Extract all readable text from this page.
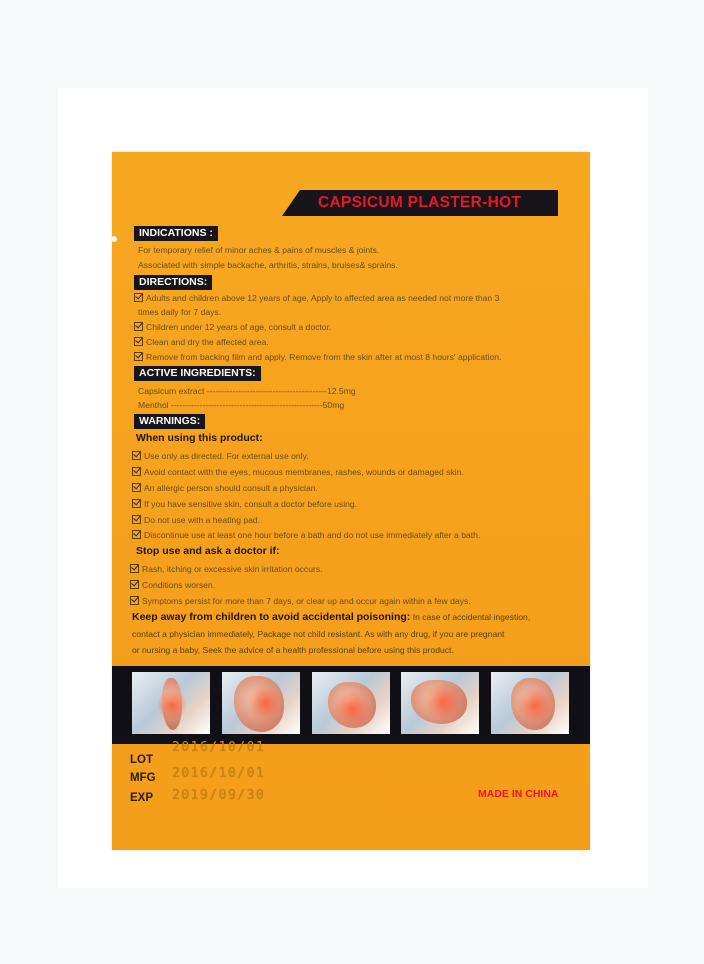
CAPSICUM PLASTER-HOT
INDICATIONS :
For temporary relief of minor aches & pains of muscles & joints.
Associated with simple backache, arthritis, strains, bruises& sprains.
DIRECTIONS:
Adults and children above 12 years of age, Apply to affected area as needed not more than 3
times daily for 7 days.
Children under 12 years of age, consult a doctor.
Clean and dry the affected area.
Remove from backing film and apply. Remove from the skin after at most 8 hours' application.
ACTIVE INGREDIENTS:
Capsicum extract ------------------------------------------12.5mg
Menthol -----------------------------------------------------50mg
WARNINGS:
When using this product:
Use only as directed. For external use only.
Avoid contact with the eyes, mucous membranes, rashes, wounds or damaged skin.
An allergic person should consult a physician.
If you have sensitive skin, consult a doctor before using.
Do not use with a heating pad.
Discontinue use at least one hour before a bath and do not use immediately after a bath.
Stop use and ask a doctor if:
Rash, itching or excessive skin irritation occurs.
Conditions worsen.
Symptoms persist for more than 7 days, or clear up and occur again within a few days.
Keep away from children to avoid accidental poisoning: In case of accidental ingestion,
contact a physician immediately, Package not child resistant. As with any drug, if you are pregnant
or nursing a baby, Seek the advice of a health professional before using this product.
LOT
2016/10/01
MFG 2016/10/01
EXP 2019/09/30	MADE IN CHINA
